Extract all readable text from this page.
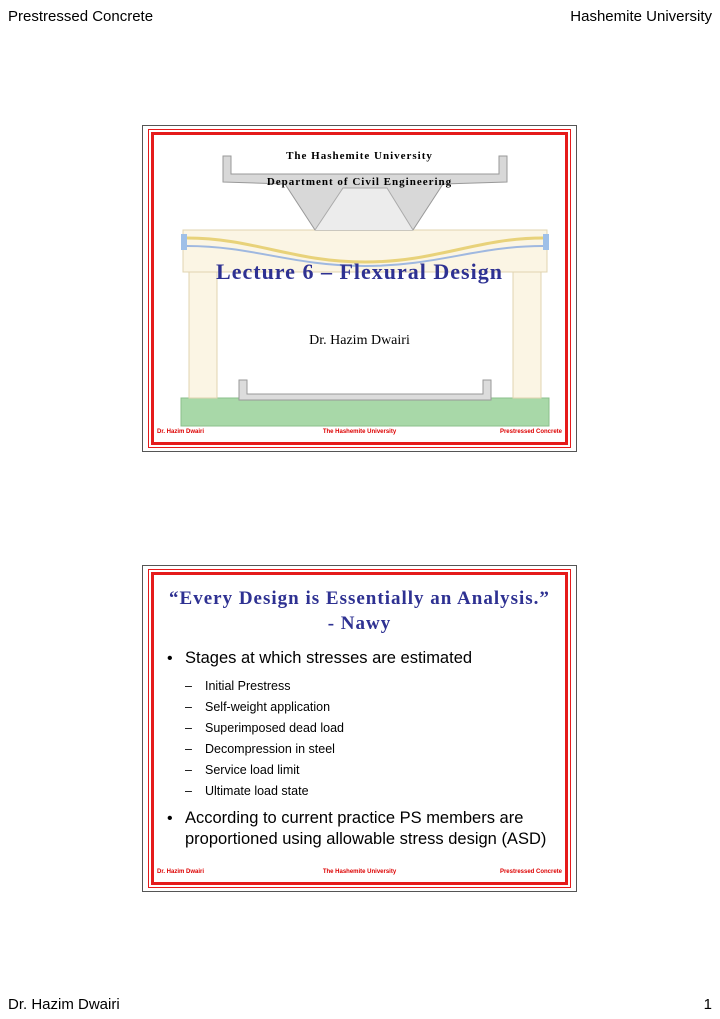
Prestressed Concrete	Hashemite University
The Hashemite University
Department of Civil Engineering
Lecture 6 – Flexural Design
Dr. Hazim Dwairi
Dr. Hazim Dwairi	The Hashemite University	Prestressed Concrete
“Every Design is Essentially an Analysis.” - Nawy
• Stages at which stresses are estimated
– Initial Prestress
– Self-weight application
– Superimposed dead load
– Decompression in steel
– Service load limit
– Ultimate load state
• According to current practice PS members are proportioned using allowable stress design (ASD)
Dr. Hazim Dwairi	The Hashemite University	Prestressed Concrete
Dr. Hazim Dwairi	1
